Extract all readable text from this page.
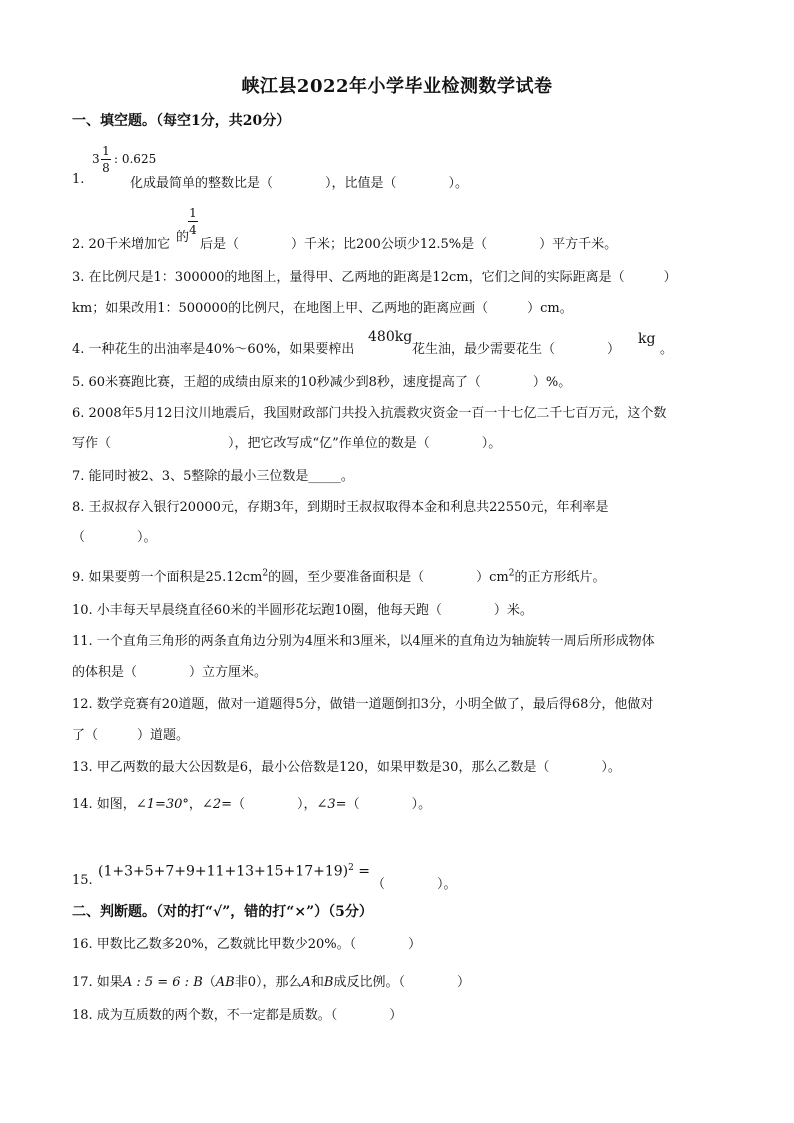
峡江县2022年小学毕业检测数学试卷
一、填空题。（每空1分，共20分）
3
1
8
: 0.625
1.	化成最简单的整数比是（　　　　），比值是（　　　　）。
2. 20千米增加它
1
4
的 后是（　　　　）千米；比200公顷少12.5%是（　　　　）平方千米。
3. 在比例尺是1：300000的地图上，量得甲、乙两地的距离是12cm，它们之间的实际距离是（　　　）
km；如果改用1：500000的比例尺，在地图上甲、乙两地的距离应画（　　　）cm。
4. 一种花生的出油率是40%～60%，如果要榨出
480kg
花生油，最少需要花生（　　　　）
kg
。
5. 60米赛跑比赛，王超的成绩由原来的10秒减少到8秒，速度提高了（　　　　）%。
6. 2008年5月12日汶川地震后，我国财政部门共投入抗震救灾资金一百一十七亿二千七百万元，这个数
写作（　　　　　　　　　），把它改写成“亿”作单位的数是（　　　　）。
7. 能同时被2、3、5整除的最小三位数是_____。
8. 王叔叔存入银行20000元，存期3年，到期时王叔叔取得本金和利息共22550元，年利率是
（　　　　）。
9. 如果要剪一个面积是$25.12cm^2$的圆，至少要准备面积是（　　　　）$cm^2$的正方形纸片。
10. 小丰每天早晨绕直径60米的半圆形花坛跑10圈，他每天跑（　　　　）米。
11. 一个直角三角形的两条直角边分别为4厘米和3厘米，以4厘米的直角边为轴旋转一周后所形成物体
的体积是（　　　　）立方厘米。
12. 数学竞赛有20道题，做对一道题得5分，做错一道题倒扣3分，小明全做了，最后得68分，他做对
了（　　　）道题。
13. 甲乙两数的最大公因数是6，最小公倍数是120，如果甲数是30，那么乙数是（　　　　）。
14. 如图，∠1=30°，∠2=（　　　　），∠3=（　　　　）。
15.
$(1+3+5+7+9+11+13+15+17+19)^2$ =
（　　　　）。
二、判断题。（对的打“√”，错的打“×”）（5分）
16. 甲数比乙数多20%，乙数就比甲数少20%。（　　　　）
17. 如果A : 5 = 6 : B（AB非0），那么A和B成反比例。（　　　　）
18. 成为互质数的两个数，不一定都是质数。（　　　　）
